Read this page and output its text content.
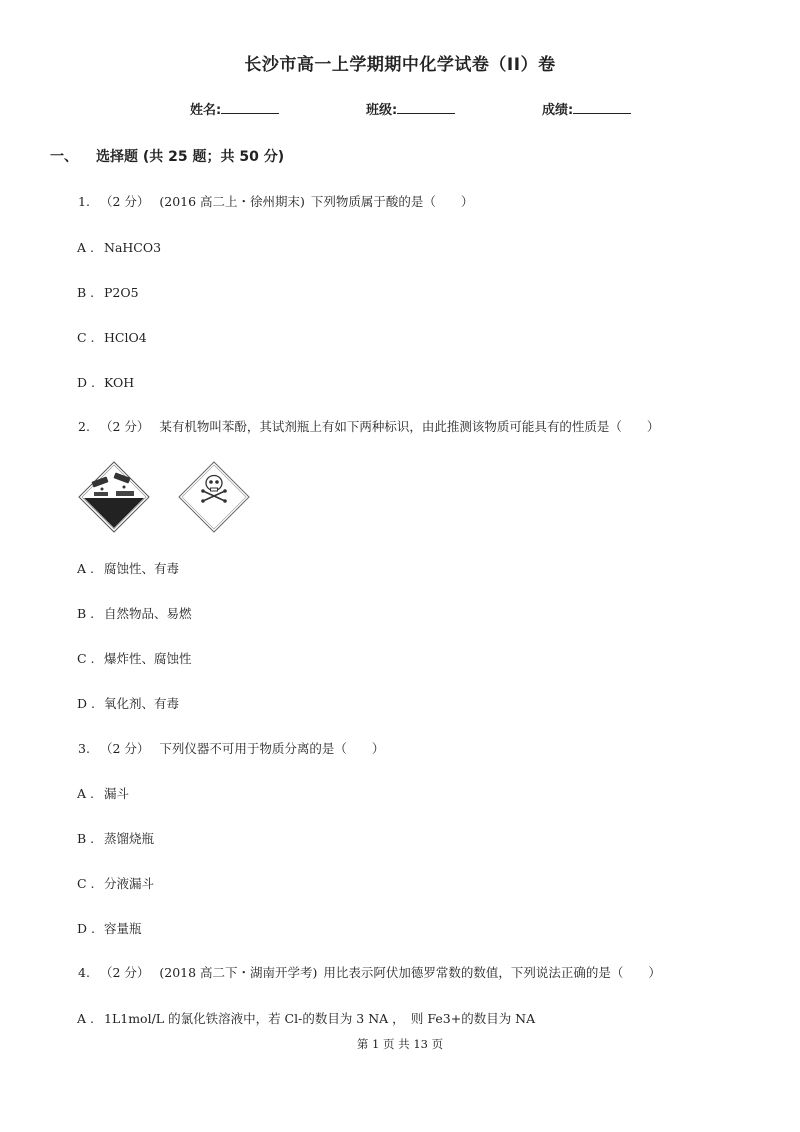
长沙市高一上学期期中化学试卷（II）卷
姓名:	班级:	成绩:
一、 选择题 (共 25 题；共 50 分)
1. （2 分） (2016 高二上・徐州期末) 下列物质属于酸的是（　　）
A . NaHCO3
B . P2O5
C . HClO4
D . KOH
2. （2 分） 某有机物叫苯酚，其试剂瓶上有如下两种标识，由此推测该物质可能具有的性质是（　　）
A . 腐蚀性、有毒
B . 自然物品、易燃
C . 爆炸性、腐蚀性
D . 氧化剂、有毒
3. （2 分） 下列仪器不可用于物质分离的是（　　）
A . 漏斗
B . 蒸馏烧瓶
C . 分液漏斗
D . 容量瓶
4. （2 分） (2018 高二下・湖南开学考) 用比表示阿伏加德罗常数的数值，下列说法正确的是（　　）
A . 1L1mol/L 的氯化铁溶液中，若 Cl-的数目为 3 NA ，　则 Fe3+的数目为 NA
第 1 页 共 13 页
